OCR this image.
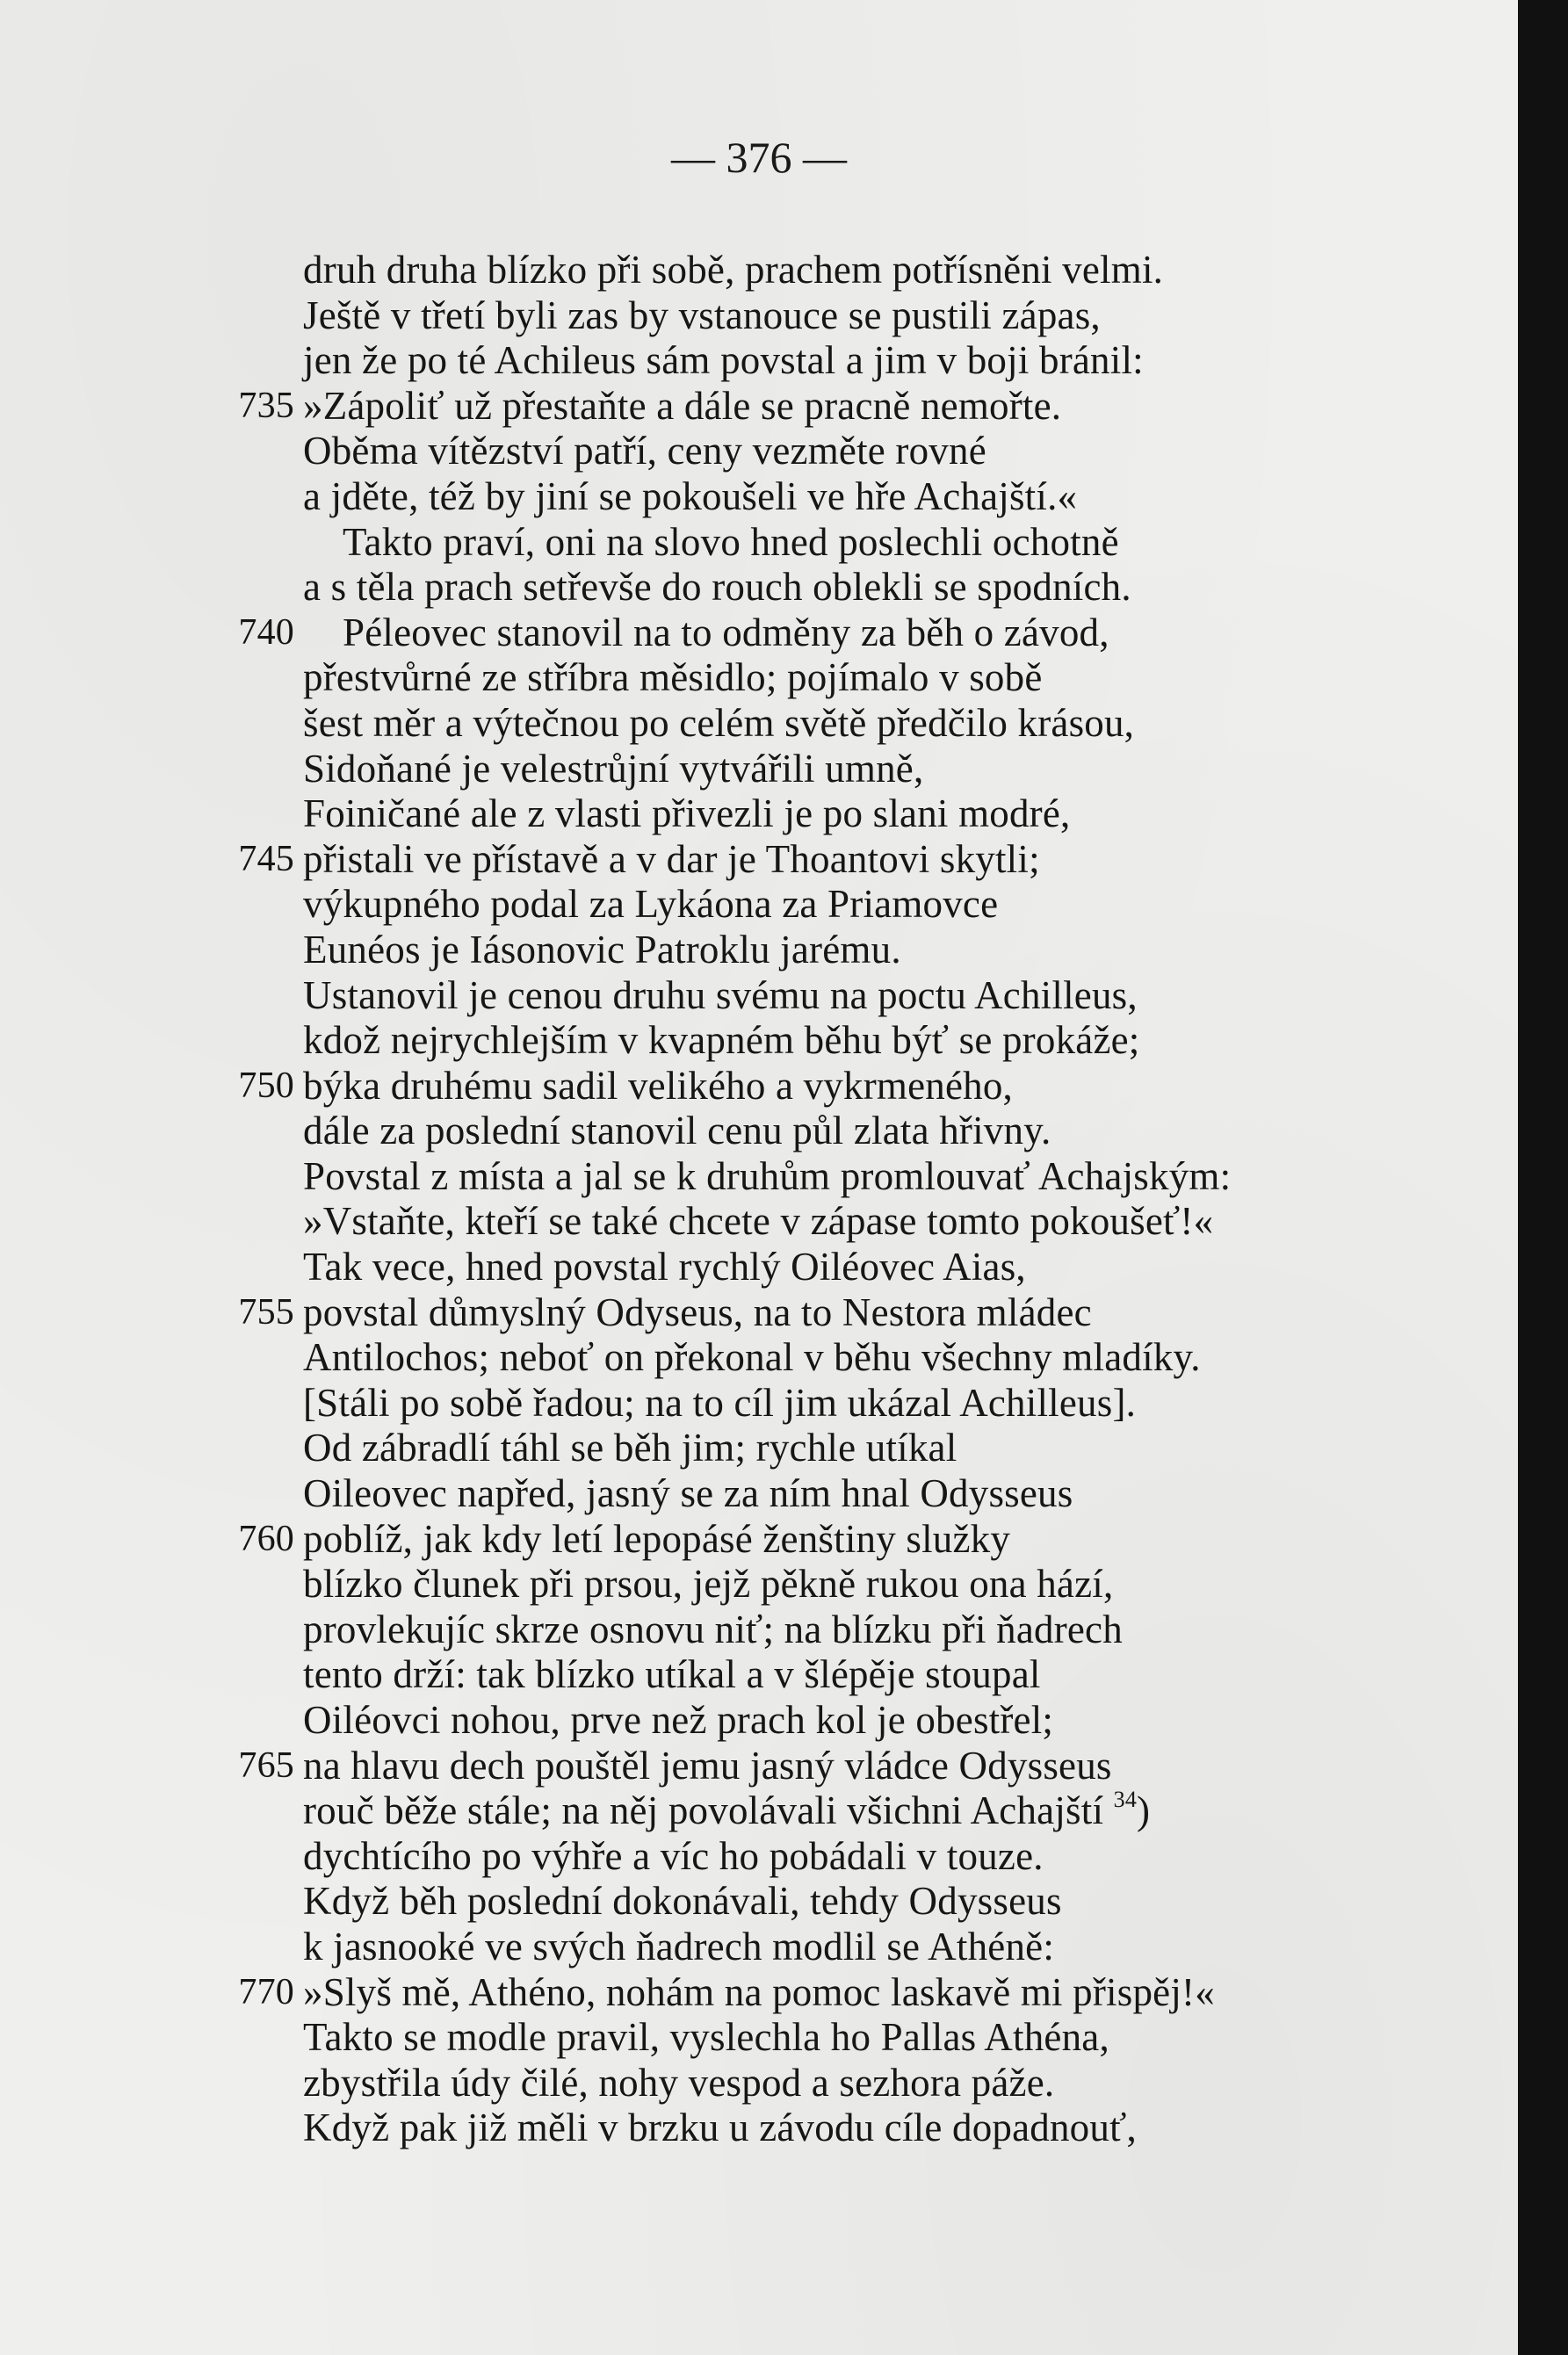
— 376 —
druh druha blízko při sobě, prachem potřísněni velmi.
Ještě v třetí byli zas by vstanouce se pustili zápas,
jen že po té Achileus sám povstal a jim v boji bránil:
735 »Zápoliť už přestaňte a dále se pracně nemořte.
Oběma vítězství patří, ceny vezměte rovné
a jděte, též by jiní se pokoušeli ve hře Achajští.«
Takto praví, oni na slovo hned poslechli ochotně
a s těla prach setřevše do rouch oblekli se spodních.
740 Péleovec stanovil na to odměny za běh o závod,
přestvůrné ze stříbra měsidlo; pojímalo v sobě
šest měr a výtečnou po celém světě předčilo krásou,
Sidoňané je velestrůjní vytvářili umně,
Foiničané ale z vlasti přivezli je po slani modré,
745 přistali ve přístavě a v dar je Thoantovi skytli;
výkupného podal za Lykáona za Priamovce
Eunéos je Iásonovic Patroklu jarému.
Ustanovil je cenou druhu svému na poctu Achilleus,
kdož nejrychlejším v kvapném běhu býť se prokáže;
750 býka druhému sadil velikého a vykrmeného,
dále za poslední stanovil cenu půl zlata hřivny.
Povstal z místa a jal se k druhům promlouvať Achajským:
»Vstaňte, kteří se také chcete v zápase tomto pokoušeť!«
Tak vece, hned povstal rychlý Oiléovec Aias,
755 povstal důmyslný Odyseus, na to Nestora mládec
Antilochos; neboť on překonal v běhu všechny mladíky.
[Stáli po sobě řadou; na to cíl jim ukázal Achilleus].
Od zábradlí táhl se běh jim; rychle utíkal
Oileovec napřed, jasný se za ním hnal Odysseus
760 poblíž, jak kdy letí lepopásé ženštiny služky
blízko člunek při prsou, jejž pěkně rukou ona hází,
provlekujíc skrze osnovu niť; na blízku při ňadrech
tento drží: tak blízko utíkal a v šlépěje stoupal
Oiléovci nohou, prve než prach kol je obestřel;
765 na hlavu dech pouštěl jemu jasný vládce Odysseus
rouč běže stále; na něj povolávali všichni Achajští $^{34}$)
dychtícího po výhře a víc ho pobádali v touze.
Když běh poslední dokonávali, tehdy Odysseus
k jasnooké ve svých ňadrech modlil se Athéně:
770 »Slyš mě, Athéno, nohám na pomoc laskavě mi přispěj!«
Takto se modle pravil, vyslechla ho Pallas Athéna,
zbystřila údy čilé, nohy vespod a sezhora páže.
Když pak již měli v brzku u závodu cíle dopadnouť,
